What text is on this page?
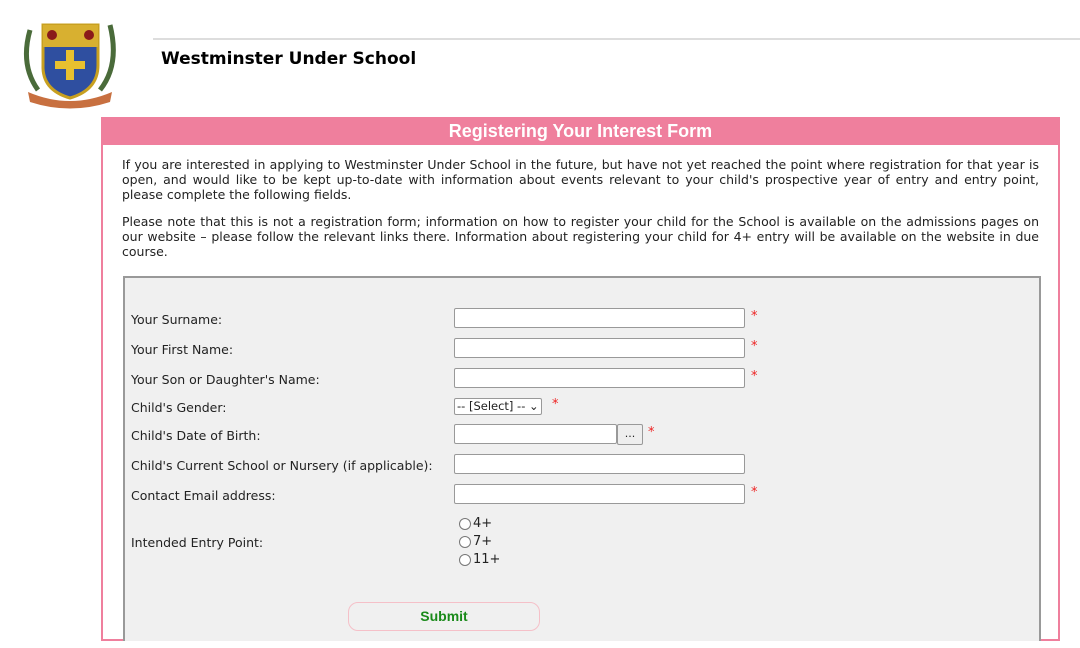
Westminster Under School
Registering Your Interest Form

If you are interested in applying to Westminster Under School in the future, but have not yet reached the point where registration for that year is open, and would like to be kept up-to-date with information about events relevant to your child's prospective year of entry and entry point, please complete the following fields.

Please note that this is not a registration form; information on how to register your child for the School is available on the admissions pages on our website – please follow the relevant links there. Information about registering your child for 4+ entry will be available on the website in due course.

Your Surname:	*
Your First Name:	*
Your Son or Daughter's Name:	*
Child's Gender:	-- [Select] -- ⌄ *
Child's Date of Birth:	... *
Child's Current School or Nursery (if applicable):
Contact Email address:	*
Intended Entry Point:
4+
7+
11+
Submit
